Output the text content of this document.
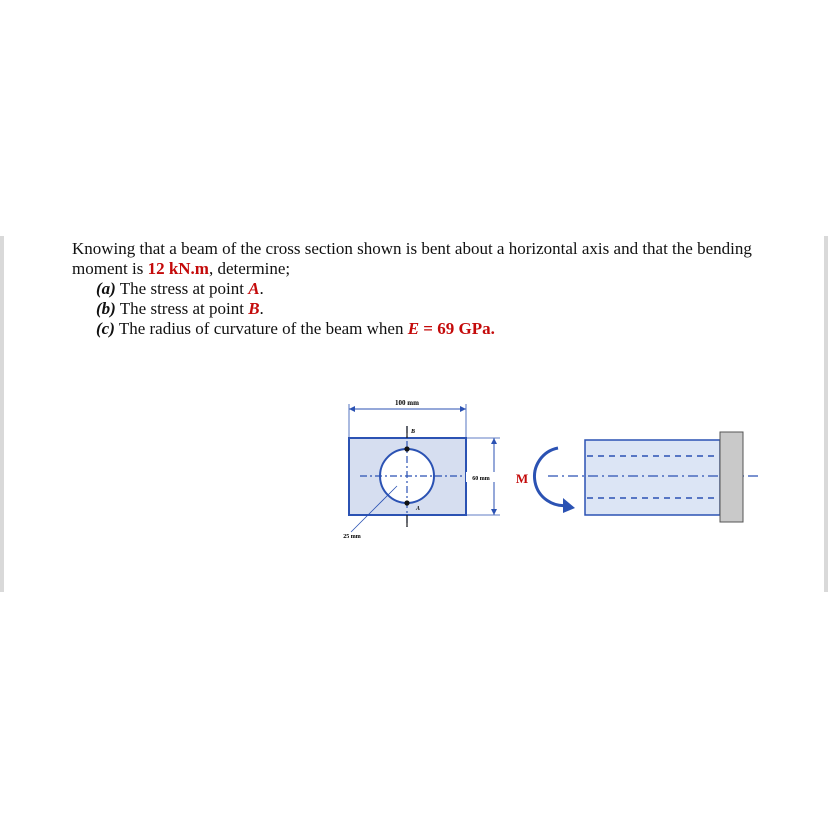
Knowing that a beam of the cross section shown is bent about a horizontal axis and that the bending moment is 12 kN.m, determine;

(a) The stress at point A.

(b) The stress at point B.

(c) The radius of curvature of the beam when E = 69 GPa.

100 mm
B
A
25 mm
60 mm M
